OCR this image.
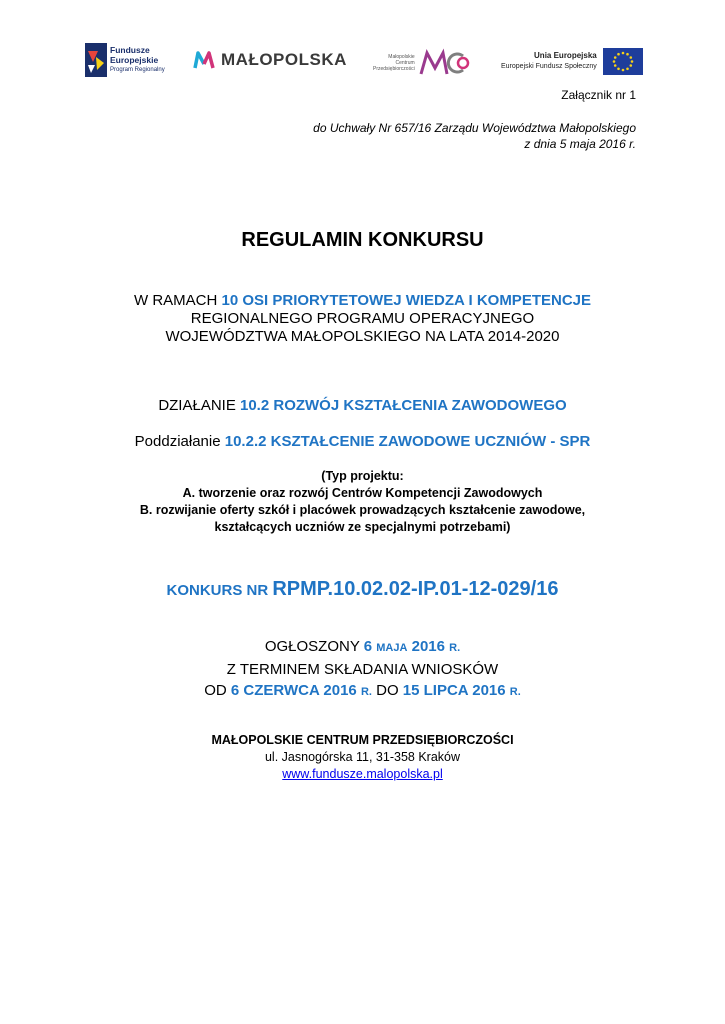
Fundusze
Europejskie
Program Regionalny
MAŁOPOLSKA	Małopolskie
Centrum
Przedsiębiorczości
Unia Europejska
Europejski Fundusz Społeczny
Załącznik nr 1
do Uchwały Nr 657/16 Zarządu Województwa Małopolskiego
z dnia 5 maja 2016 r.
REGULAMIN KONKURSU
W RAMACH 10 OSI PRIORYTETOWEJ WIEDZA I KOMPETENCJE
REGIONALNEGO PROGRAMU OPERACYJNEGO
WOJEWÓDZTWA MAŁOPOLSKIEGO NA LATA 2014-2020
DZIAŁANIE 10.2 ROZWÓJ KSZTAŁCENIA ZAWODOWEGO
Poddziałanie 10.2.2 KSZTAŁCENIE ZAWODOWE UCZNIÓW - SPR
(Typ projektu:
A. tworzenie oraz rozwój Centrów Kompetencji Zawodowych
B. rozwijanie oferty szkół i placówek prowadzących kształcenie zawodowe,
kształcących uczniów ze specjalnymi potrzebami)
KONKURS NR RPMP.10.02.02-IP.01-12-029/16
OGŁOSZONY 6 MAJA 2016 R.
Z TERMINEM SKŁADANIA WNIOSKÓW
OD 6 CZERWCA 2016 R. DO 15 LIPCA 2016 R.
MAŁOPOLSKIE CENTRUM PRZEDSIĘBIORCZOŚCI
ul. Jasnogórska 11, 31-358 Kraków
www.fundusze.malopolska.pl
